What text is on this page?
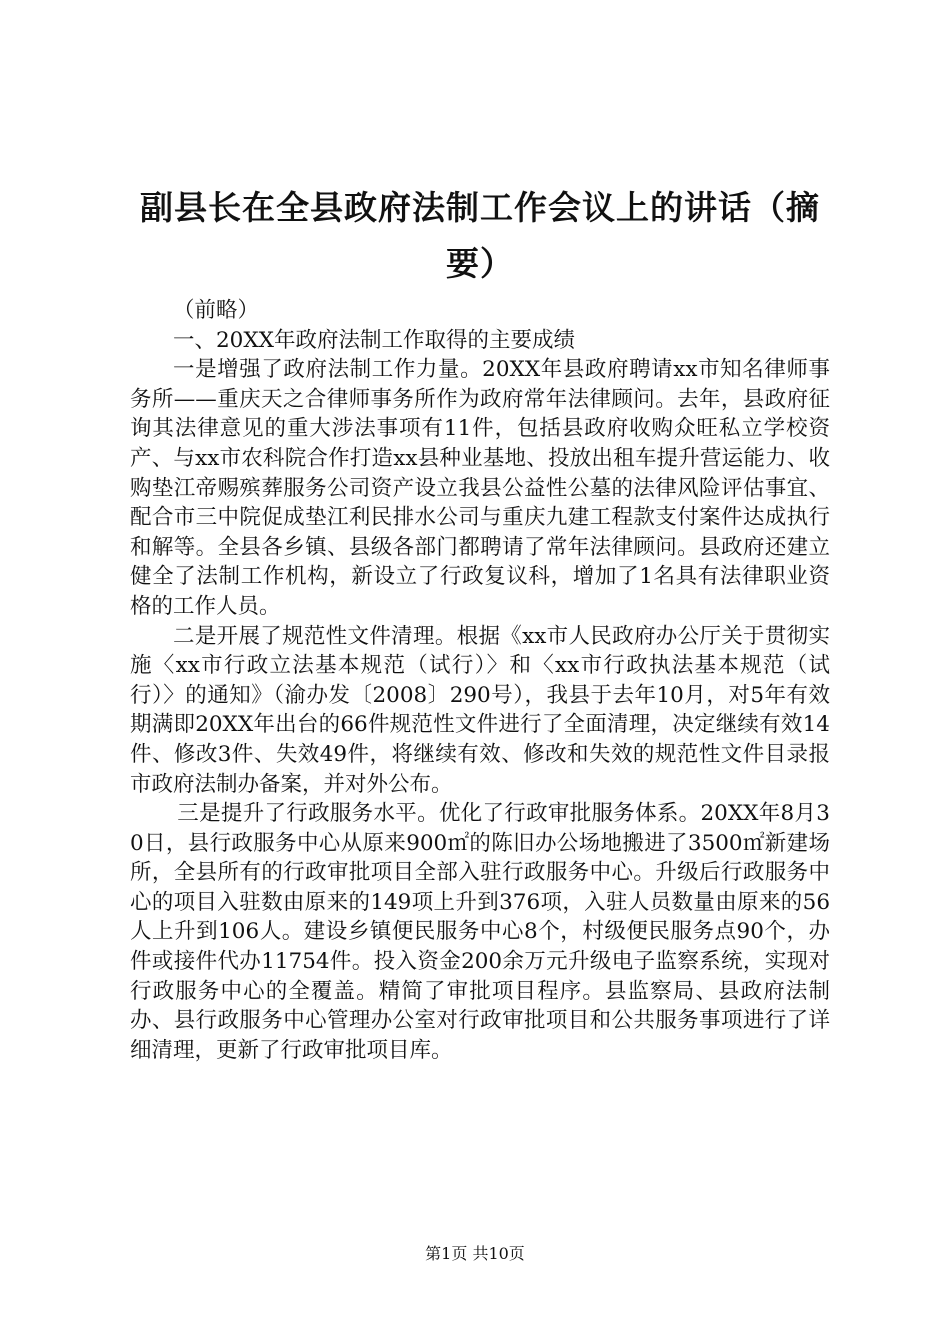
副县长在全县政府法制工作会议上的讲话（摘要）

（前略）

一、20XX年政府法制工作取得的主要成绩

一是增强了政府法制工作力量。20XX年县政府聘请xx市知名律师事务所——重庆天之合律师事务所作为政府常年法律顾问。去年，县政府征询其法律意见的重大涉法事项有11件，包括县政府收购众旺私立学校资产、与xx市农科院合作打造xx县种业基地、投放出租车提升营运能力、收购垫江帝赐殡葬服务公司资产设立我县公益性公墓的法律风险评估事宜、配合市三中院促成垫江利民排水公司与重庆九建工程款支付案件达成执行和解等。全县各乡镇、县级各部门都聘请了常年法律顾问。县政府还建立健全了法制工作机构，新设立了行政复议科，增加了1名具有法律职业资格的工作人员。

二是开展了规范性文件清理。根据《xx市人民政府办公厅关于贯彻实施〈xx市行政立法基本规范（试行）〉和〈xx市行政执法基本规范（试行）〉的通知》（渝办发〔2008〕290号），我县于去年10月，对5年有效期满即20XX年出台的66件规范性文件进行了全面清理，决定继续有效14件、修改3件、失效49件，将继续有效、修改和失效的规范性文件目录报市政府法制办备案，并对外公布。

三是提升了行政服务水平。优化了行政审批服务体系。20XX年8月30日，县行政服务中心从原来900㎡的陈旧办公场地搬进了3500㎡新建场所，全县所有的行政审批项目全部入驻行政服务中心。升级后行政服务中心的项目入驻数由原来的149项上升到376项，入驻人员数量由原来的56人上升到106人。建设乡镇便民服务中心8个，村级便民服务点90个，办件或接件代办11754件。投入资金200余万元升级电子监察系统，实现对行政服务中心的全覆盖。精简了审批项目程序。县监察局、县政府法制办、县行政服务中心管理办公室对行政审批项目和公共服务事项进行了详细清理，更新了行政审批项目库。

第1页 共10页
